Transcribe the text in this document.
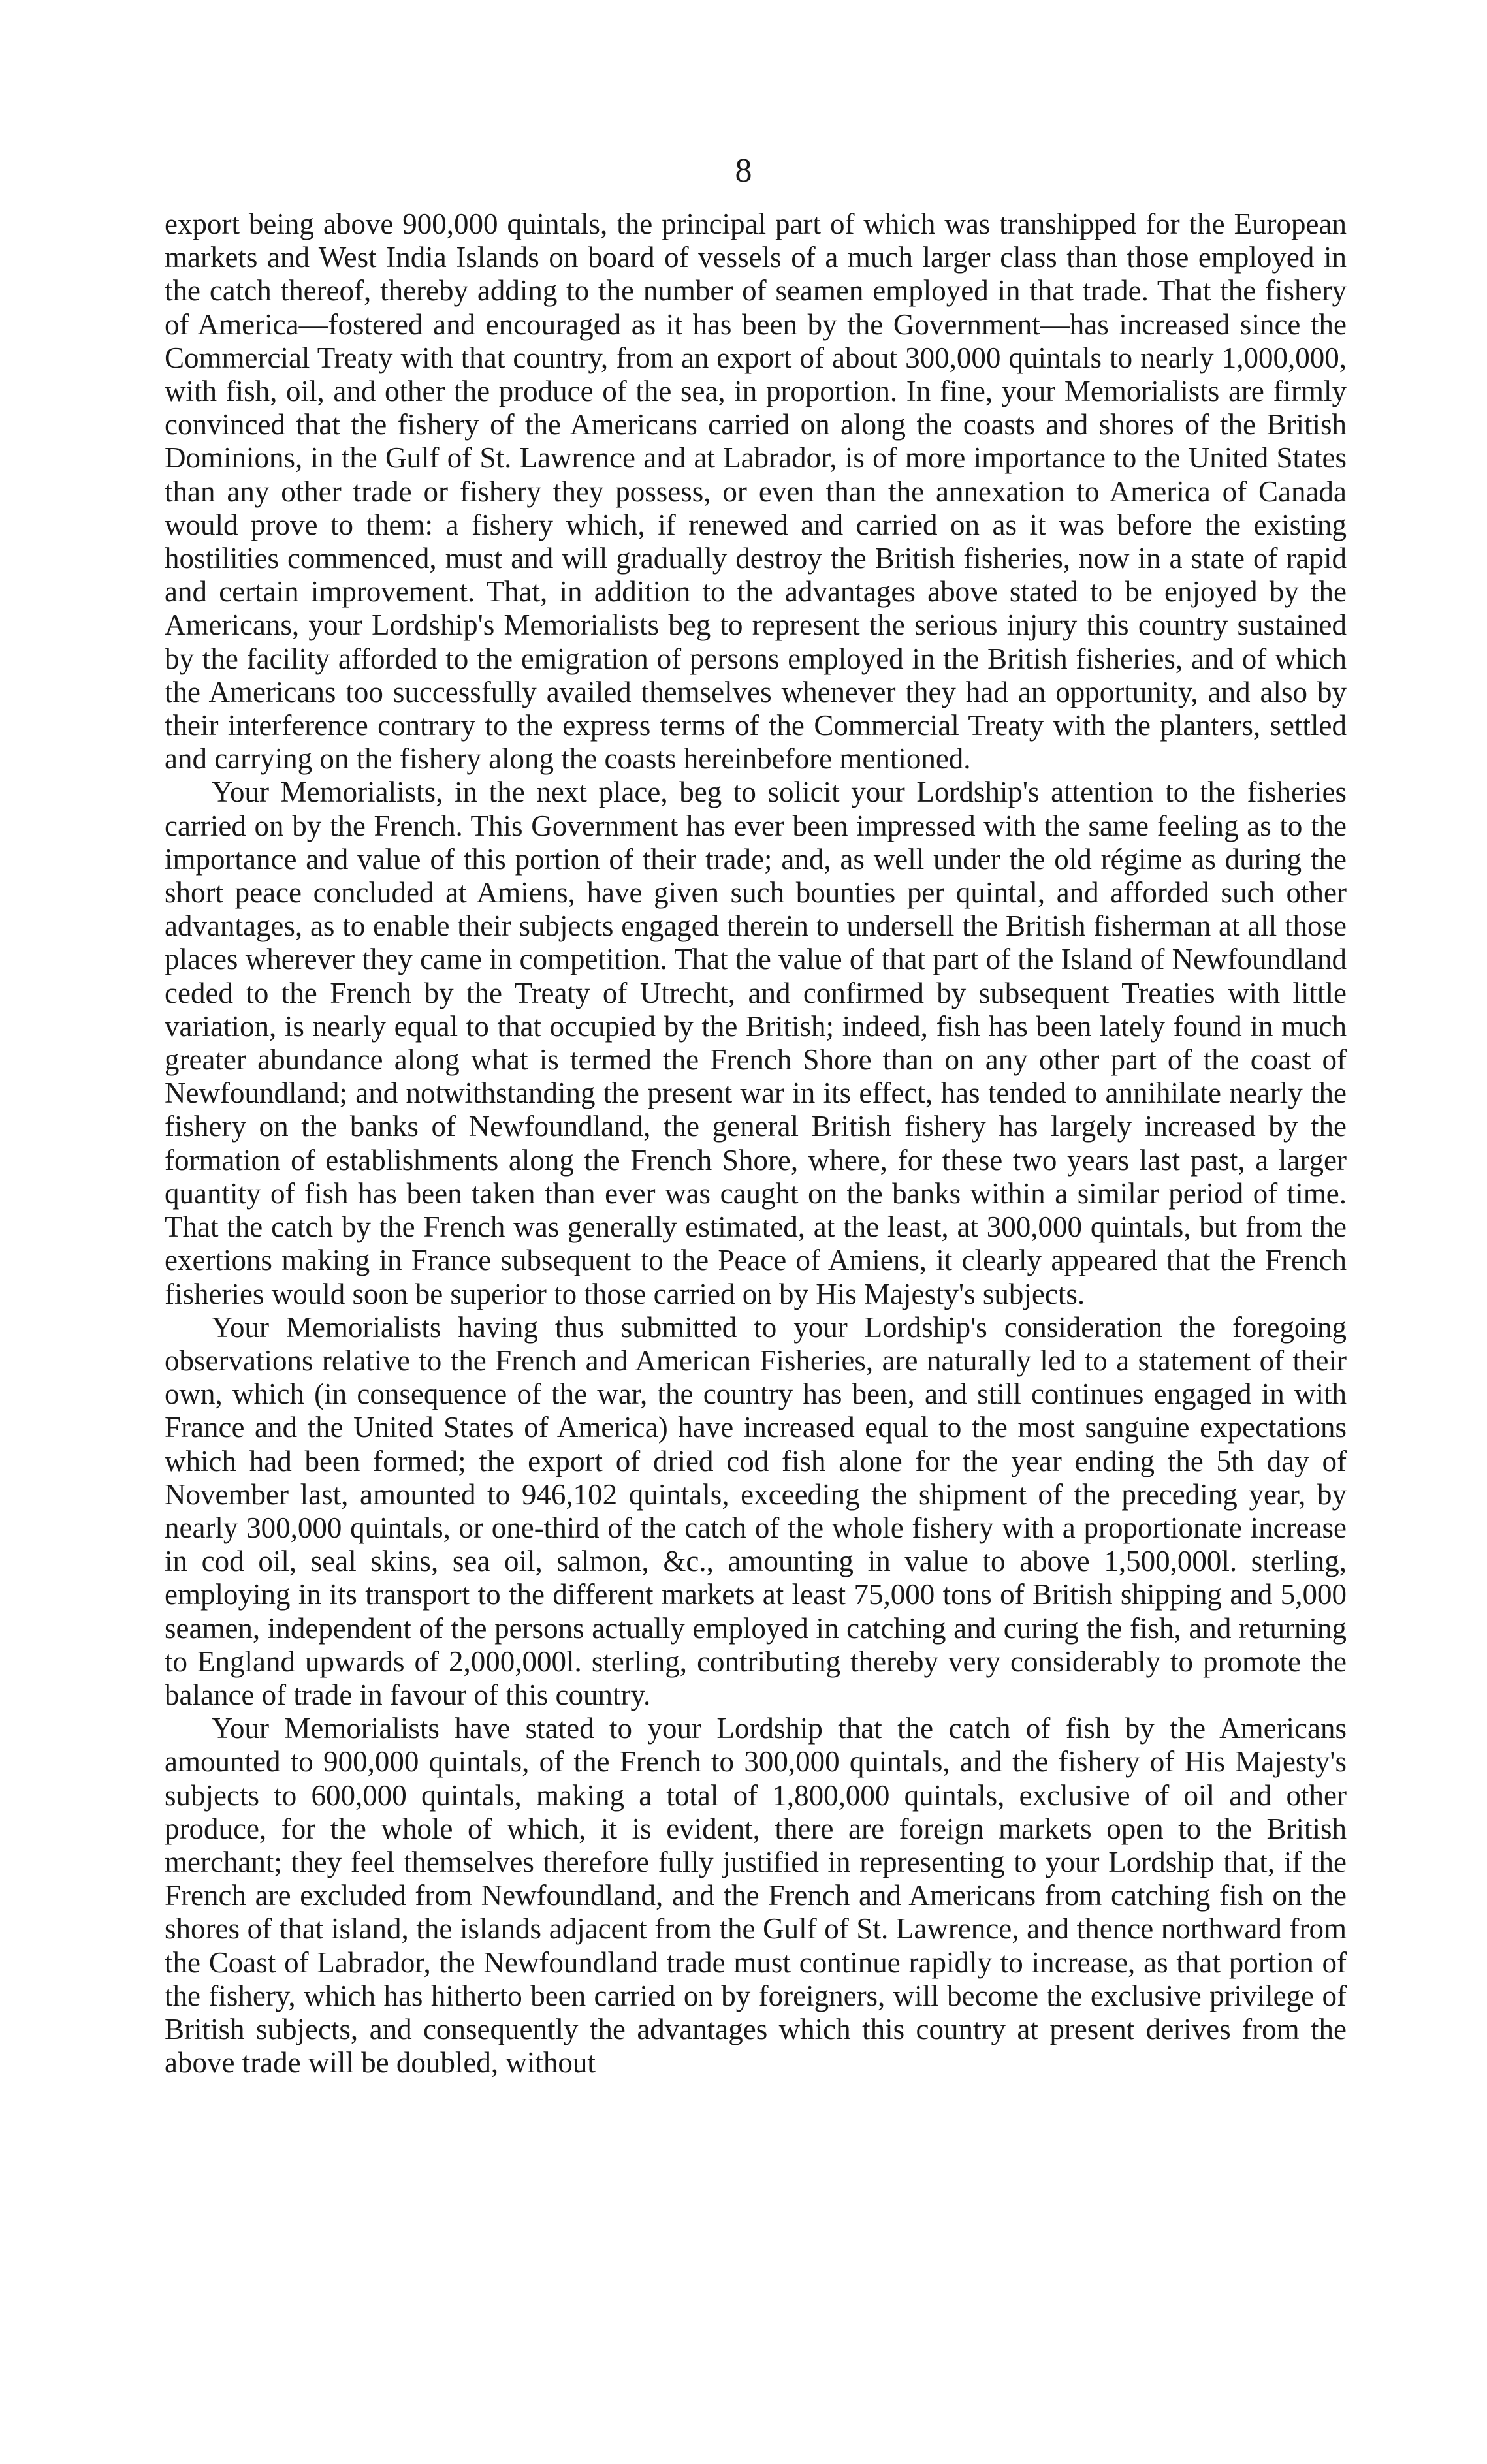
8

export being above 900,000 quintals, the principal part of which was transhipped for the European markets and West India Islands on board of vessels of a much larger class than those employed in the catch thereof, thereby adding to the number of seamen employed in that trade. That the fishery of America—fostered and encouraged as it has been by the Government—has increased since the Commercial Treaty with that country, from an export of about 300,000 quintals to nearly 1,000,000, with fish, oil, and other the produce of the sea, in proportion. In fine, your Memorialists are firmly convinced that the fishery of the Americans carried on along the coasts and shores of the British Dominions, in the Gulf of St. Lawrence and at Labrador, is of more importance to the United States than any other trade or fishery they possess, or even than the annexation to America of Canada would prove to them: a fishery which, if renewed and carried on as it was before the existing hostilities commenced, must and will gradually destroy the British fisheries, now in a state of rapid and certain improvement. That, in addition to the advantages above stated to be enjoyed by the Americans, your Lordship's Memorialists beg to represent the serious injury this country sustained by the facility afforded to the emigration of persons employed in the British fisheries, and of which the Americans too successfully availed themselves whenever they had an opportunity, and also by their interference contrary to the express terms of the Commercial Treaty with the planters, settled and carrying on the fishery along the coasts hereinbefore mentioned.

Your Memorialists, in the next place, beg to solicit your Lordship's attention to the fisheries carried on by the French. This Government has ever been impressed with the same feeling as to the importance and value of this portion of their trade; and, as well under the old régime as during the short peace concluded at Amiens, have given such bounties per quintal, and afforded such other advantages, as to enable their subjects engaged therein to undersell the British fisherman at all those places wherever they came in competition. That the value of that part of the Island of Newfoundland ceded to the French by the Treaty of Utrecht, and confirmed by subsequent Treaties with little variation, is nearly equal to that occupied by the British; indeed, fish has been lately found in much greater abundance along what is termed the French Shore than on any other part of the coast of Newfoundland; and notwithstanding the present war in its effect, has tended to annihilate nearly the fishery on the banks of Newfoundland, the general British fishery has largely increased by the formation of establishments along the French Shore, where, for these two years last past, a larger quantity of fish has been taken than ever was caught on the banks within a similar period of time. That the catch by the French was generally estimated, at the least, at 300,000 quintals, but from the exertions making in France subsequent to the Peace of Amiens, it clearly appeared that the French fisheries would soon be superior to those carried on by His Majesty's subjects.

Your Memorialists having thus submitted to your Lordship's consideration the foregoing observations relative to the French and American Fisheries, are naturally led to a statement of their own, which (in consequence of the war, the country has been, and still continues engaged in with France and the United States of America) have increased equal to the most sanguine expectations which had been formed; the export of dried cod fish alone for the year ending the 5th day of November last, amounted to 946,102 quintals, exceeding the shipment of the preceding year, by nearly 300,000 quintals, or one-third of the catch of the whole fishery with a proportionate increase in cod oil, seal skins, sea oil, salmon, &c., amounting in value to above 1,500,000l. sterling, employing in its transport to the different markets at least 75,000 tons of British shipping and 5,000 seamen, independent of the persons actually employed in catching and curing the fish, and returning to England upwards of 2,000,000l. sterling, contributing thereby very considerably to promote the balance of trade in favour of this country.

Your Memorialists have stated to your Lordship that the catch of fish by the Americans amounted to 900,000 quintals, of the French to 300,000 quintals, and the fishery of His Majesty's subjects to 600,000 quintals, making a total of 1,800,000 quintals, exclusive of oil and other produce, for the whole of which, it is evident, there are foreign markets open to the British merchant; they feel themselves therefore fully justified in representing to your Lordship that, if the French are excluded from Newfoundland, and the French and Americans from catching fish on the shores of that island, the islands adjacent from the Gulf of St. Lawrence, and thence northward from the Coast of Labrador, the Newfoundland trade must continue rapidly to increase, as that portion of the fishery, which has hitherto been carried on by foreigners, will become the exclusive privilege of British subjects, and consequently the advantages which this country at present derives from the above trade will be doubled, without
